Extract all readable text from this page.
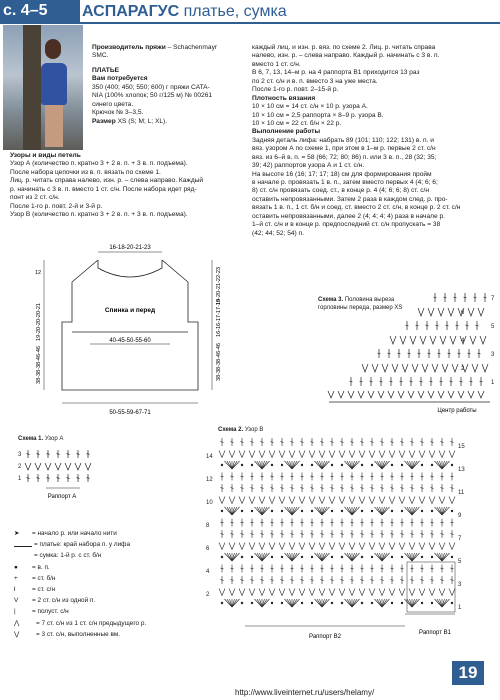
с. 4–5	АСПАРАГУС платье, сумка

Производитель пряжи – Schachenmayr

SMC.

ПЛАТЬЕ

Вам потребуется

350 (400; 450; 550; 600) г пряжи CATA-

NIA (100% хлопок; 50 г/125 м) № 00261

синего цвета.

Крючок № 3–3,5.

Размер XS (S; M; L; XL).

Узоры и виды петель

Узор А (количество п. кратно 3 + 2 в. п. + 3 в. п. подъема).

После набора цепочки из в. п. вязать по схеме 1.

Лиц. р. читать справа налево, изн. р. – слева направо. Каждый

р. начинать с 3 в. п. вместо 1 ст. с/н. После набора идет ряд-

понт из 2 ст. с/н.

После 1-го р. повт. 2-й и 3-й р.

Узор В (количество п. кратно 3 + 2 в. п. + 3 в. п. подъема).

каждый лиц. и изн. р. вяз. по схеме 2. Лиц. р. читать справа

налево, изн. р. – слева направо. Каждый р. начинать с 3 в. п.

вместо 1 ст. с/н.

В 6, 7, 13, 14–м р. на 4 раппорта В1 приходится 13 раз

по 2 ст. с/н и в. п. вместо 3 на уже места.

После 1-го р. повт. 2–15-й р.

Плотность вязания

10 × 10 см = 14 ст. с/н × 10 р. узора А.

10 × 10 см = 2,5 раппорта × 8–9 р. узора В.

10 × 10 см = 22 ст. б/н × 22 р.

Выполнение работы

Задняя деталь лифа: набрать 89 (101; 110; 122; 131) в. п. и

вяз. узором А по схеме 1, при этом в 1–м р. первые 2 ст. с/н

вяз. из 6–й в. п. = 58 (66; 72; 80; 86) п. или 3 в. п., 28 (32; 35;

39; 42) раппортов узора А и 1 ст. с/н.

На высоте 16 (16; 17; 17; 18) см для формирования пройм

в начале р. провязать 1 в. п., затем вместо первых 4 (4; 6; 6;

8) ст. с/н провязать соед. ст., в конце р. 4 (4; 6; 6; 8) ст. с/н

оставить непровязанными. Затем 2 раза в каждом след. р. про-

вязать 1 в. п., 1 ст. б/н и соед. ст. вместо 2 ст. с/н, в конце р. 2 ст. с/н

оставить непровязанными, далее 2 (4; 4; 4; 4) раза в начале р.

1–й ст. с/н и в конце р. предпоследний ст. с/н пропускать = 38

(42; 44; 52; 54) п.

16-18-20-21-23
Спинка и перед
40-45-50-55-60
50-55-59-67-71
12
19-20-20-20-21
38-38-38-46-46
19-20-21-22-23
16-16-17-17-18
38-38-38-46-46
Схема 3. Половина выреза горловины переда, размер XS
7
6
5
4
3
2
1
Центр работы
Схема 1. Узор А
3
2
1
Раппорт А
➤ = начало р. или начало нити
= платье: край набора п. у лифа
= сумка: 1-й р. с ст. б/н
● = в. п.
+ = ст. б/н
ł	= ст. с/н
V = 2 ст. с/н из одной п.
|	= полуст. с/н
⋀	= 7 ст. с/н из 1 ст. с/н предыдущего р.
⋁	= 3 ст. с/н, выполненные вм.
Схема 2. Узор В
15
13
11
9
7
5
3
1
14
12
10
8
6
4
2
Раппорт В2
Раппорт В1
http://www.liveinternet.ru/users/helamy/
19
